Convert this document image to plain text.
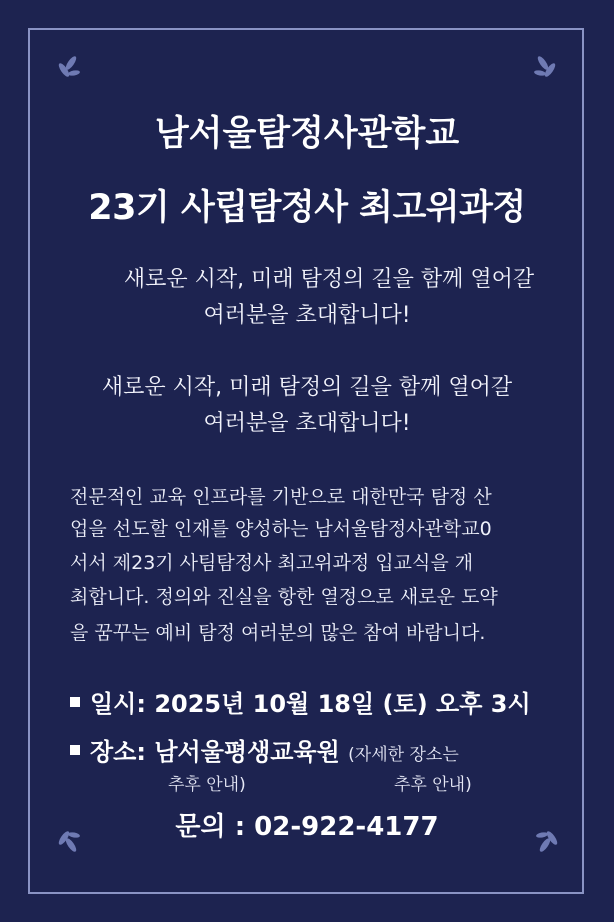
남서울탐정사관학교
23기 사립탐정사 최고위과정
새로운 시작, 미래 탐정의 길을 함께 열어갈
여러분을 초대합니다!
새로운 시작, 미래 탐정의 길을 함께 열어갈
여러분을 초대합니다!
전문적인 교육 인프라를 기반으로 대한만국 탐정 산
업을 선도할 인재를 양성하는 남서울탐정사관학교0
서서 제23기 사팀탐정사 최고위과정 입교식을 개
최합니다. 정의와 진실을 항한 열정으로 새로운 도약
을 꿈꾸는 예비 탐정 여러분의 많은 참여 바람니다.
일시: 2025년 10월 18일 (토) 오후 3시
장소: 남서울평생교육원 (자세한 장소는
추후 안내)	추후 안내)
문의 : 02-922-4177
